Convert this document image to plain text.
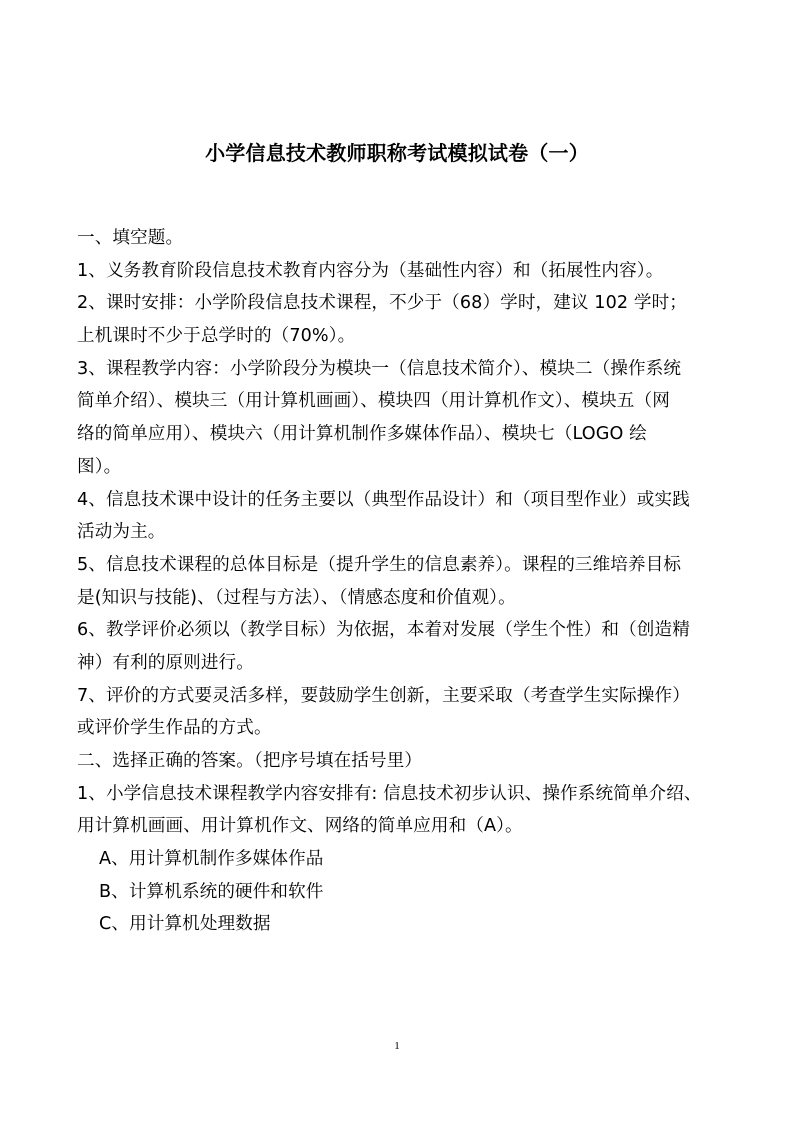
小学信息技术教师职称考试模拟试卷（一）
一、填空题。
1、义务教育阶段信息技术教育内容分为（基础性内容）和（拓展性内容）。
2、课时安排：小学阶段信息技术课程，不少于（68）学时，建议 102 学时；
上机课时不少于总学时的（70%）。
3、课程教学内容：小学阶段分为模块一（信息技术简介）、模块二（操作系统
简单介绍）、模块三（用计算机画画）、模块四（用计算机作文）、模块五（网
络的简单应用）、模块六（用计算机制作多媒体作品）、模块七（LOGO 绘
图）。
4、信息技术课中设计的任务主要以（典型作品设计）和（项目型作业）或实践
活动为主。
5、信息技术课程的总体目标是（提升学生的信息素养）。课程的三维培养目标
是(知识与技能)、（过程与方法）、（情感态度和价值观）。
6、教学评价必须以（教学目标）为依据，本着对发展（学生个性）和（创造精
神）有利的原则进行。
7、评价的方式要灵活多样，要鼓励学生创新，主要采取（考查学生实际操作）
或评价学生作品的方式。
二、选择正确的答案。（把序号填在括号里）
1、小学信息技术课程教学内容安排有: 信息技术初步认识、操作系统简单介绍、
用计算机画画、用计算机作文、网络的简单应用和（A）。
A、用计算机制作多媒体作品
B、计算机系统的硬件和软件
C、用计算机处理数据
1
